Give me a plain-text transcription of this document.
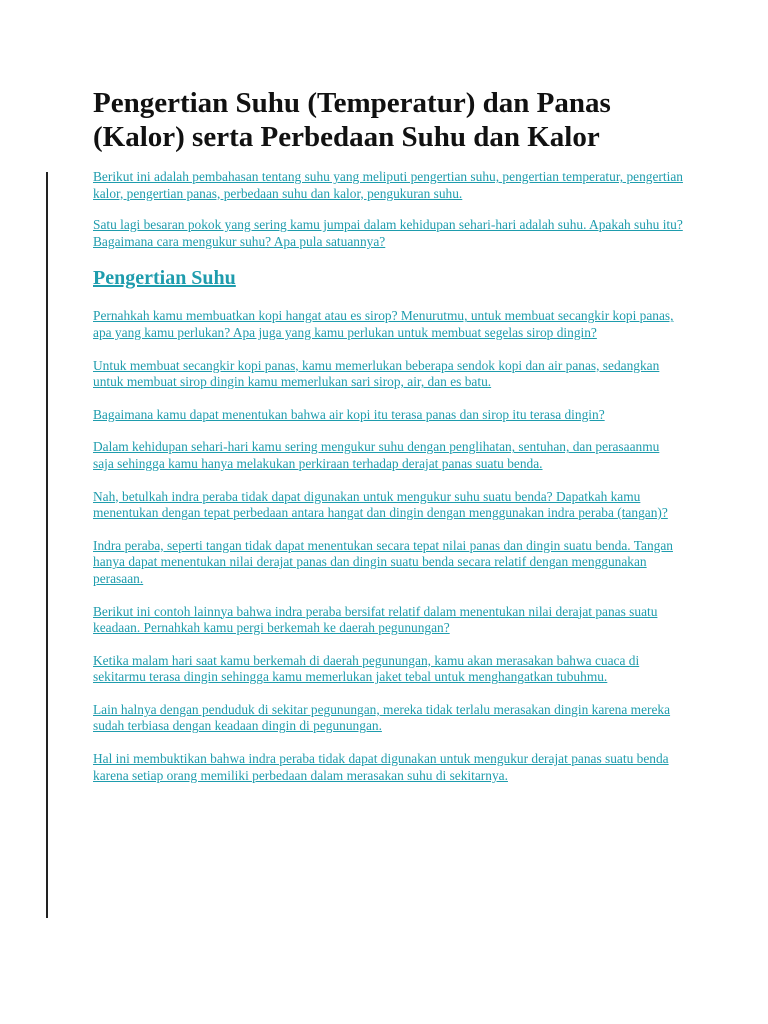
Pengertian Suhu (Temperatur) dan Panas (Kalor) serta Perbedaan Suhu dan Kalor

Berikut ini adalah pembahasan tentang suhu yang meliputi pengertian suhu, pengertian temperatur, pengertian kalor, pengertian panas, perbedaan suhu dan kalor, pengukuran suhu.

Satu lagi besaran pokok yang sering kamu jumpai dalam kehidupan sehari-hari adalah suhu. Apakah suhu itu? Bagaimana cara mengukur suhu? Apa pula satuannya?

Pengertian Suhu

Pernahkah kamu membuatkan kopi hangat atau es sirop? Menurutmu, untuk membuat secangkir kopi panas, apa yang kamu perlukan? Apa juga yang kamu perlukan untuk membuat segelas sirop dingin?

Untuk membuat secangkir kopi panas, kamu memerlukan beberapa sendok kopi dan air panas, sedangkan untuk membuat sirop dingin kamu memerlukan sari sirop, air, dan es batu.

Bagaimana kamu dapat menentukan bahwa air kopi itu terasa panas dan sirop itu terasa dingin?

Dalam kehidupan sehari-hari kamu sering mengukur suhu dengan penglihatan, sentuhan, dan perasaanmu saja sehingga kamu hanya melakukan perkiraan terhadap derajat panas suatu benda.

Nah, betulkah indra peraba tidak dapat digunakan untuk mengukur suhu suatu benda? Dapatkah kamu menentukan dengan tepat perbedaan antara hangat dan dingin dengan menggunakan indra peraba (tangan)?

Indra peraba, seperti tangan tidak dapat menentukan secara tepat nilai panas dan dingin suatu benda. Tangan hanya dapat menentukan nilai derajat panas dan dingin suatu benda secara relatif dengan menggunakan perasaan.

Berikut ini contoh lainnya bahwa indra peraba bersifat relatif dalam menentukan nilai derajat panas suatu keadaan. Pernahkah kamu pergi berkemah ke daerah pegunungan?

Ketika malam hari saat kamu berkemah di daerah pegunungan, kamu akan merasakan bahwa cuaca di sekitarmu terasa dingin sehingga kamu memerlukan jaket tebal untuk menghangatkan tubuhmu.

Lain halnya dengan penduduk di sekitar pegunungan, mereka tidak terlalu merasakan dingin karena mereka sudah terbiasa dengan keadaan dingin di pegunungan.

Hal ini membuktikan bahwa indra peraba tidak dapat digunakan untuk mengukur derajat panas suatu benda karena setiap orang memiliki perbedaan dalam merasakan suhu di sekitarnya.
